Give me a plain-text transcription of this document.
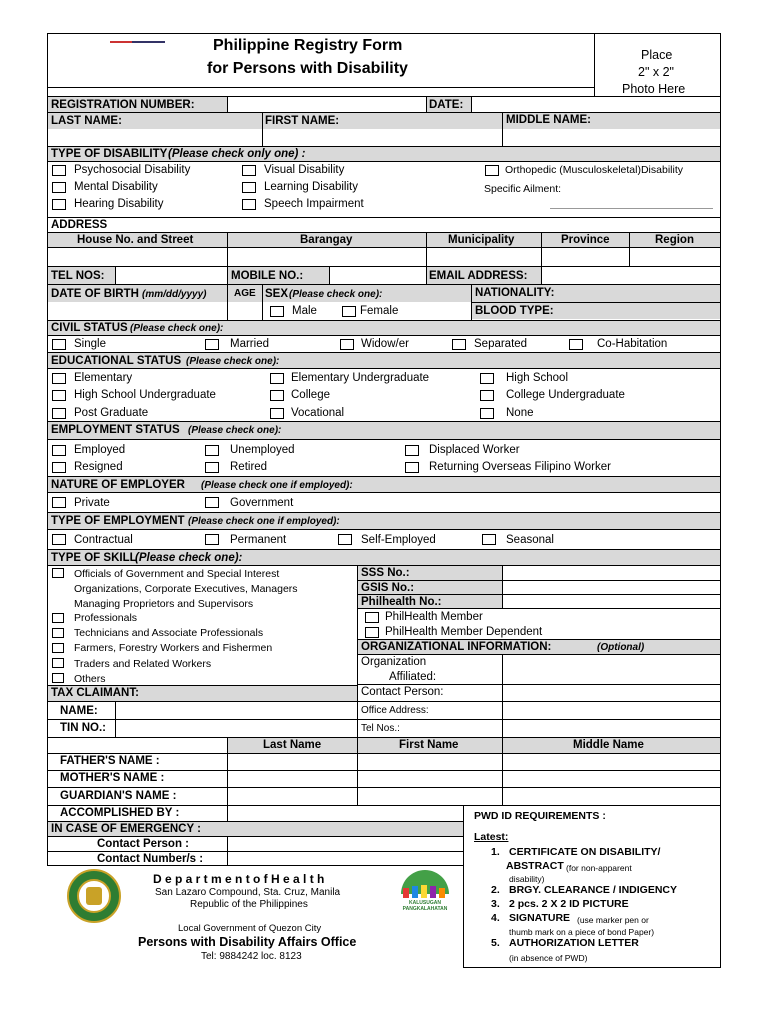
Philippine Registry Form
for Persons with Disability
Place
2" x 2"
Photo Here
REGISTRATION NUMBER:	DATE:
LAST NAME:	FIRST NAME:	MIDDLE NAME:
TYPE OF DISABILITY (Please check only one) :
Psychosocial Disability
Mental Disability
Hearing Disability
Visual Disability
Learning Disability
Speech Impairment
Orthopedic (Musculoskeletal)Disability
Specific Ailment:
ADDRESS
House No. and Street	Barangay	Municipality	Province	Region
TEL NOS:	MOBILE NO.:	EMAIL ADDRESS:
DATE OF BIRTH (mm/dd/yyyy)	AGE SEX (Please check one):
Male	Female
NATIONALITY:
BLOOD TYPE:
CIVIL STATUS (Please check one):
Single	Married	Widow/er	Separated	Co-Habitation
EDUCATIONAL STATUS (Please check one):
Elementary
High School Undergraduate
Post Graduate
Elementary Undergraduate
College
Vocational
High School
College Undergraduate
None
EMPLOYMENT STATUS (Please check one):
Employed
Resigned
Unemployed
Retired
Displaced Worker
Returning Overseas Filipino Worker
NATURE OF EMPLOYER (Please check one if employed):
Private	Government
TYPE OF EMPLOYMENT (Please check one if employed):
Contractual	Permanent	Self-Employed	Seasonal
TYPE OF SKILL
(Please check one):
Officials of Government and Special Interest
Organizations, Corporate Executives, Managers
Managing Proprietors and Supervisors
Professionals
Technicians and Associate Professionals
Farmers, Forestry Workers and Fishermen
Traders and Related Workers
Others
SSS No.:
GSIS No.:
Philhealth No.:
PhilHealth Member
PhilHealth Member Dependent
ORGANIZATIONAL INFORMATION:	(Optional)
Organization
Affiliated:
Contact Person:
Office Address:
Tel Nos.:
TAX CLAIMANT:
NAME:
TIN NO.:
Last Name	First Name	Middle Name
FATHER'S NAME :
MOTHER'S NAME :
GUARDIAN'S NAME :
ACCOMPLISHED BY :
IN CASE OF EMERGENCY :
Contact Person :
Contact Number/s :
PWD ID REQUIREMENTS :
Latest:
1. CERTIFICATE ON DISABILITY/
ABSTRACT (for non-apparent
disability)
2. BRGY. CLEARANCE / INDIGENCY
3. 2 pcs. 2 X 2 ID PICTURE
4. SIGNATURE (use marker pen or
thumb mark on a piece of bond Paper)
5. AUTHORIZATION LETTER
(in absence of PWD)
D e p a r t m e n t o f H e a l t h
San Lazaro Compound, Sta. Cruz, Manila
Republic of the Philippines
Local Government of Quezon City
Persons with Disability Affairs Office
Tel: 9884242 loc. 8123
KALUSUGAN PANGKALAHATAN
